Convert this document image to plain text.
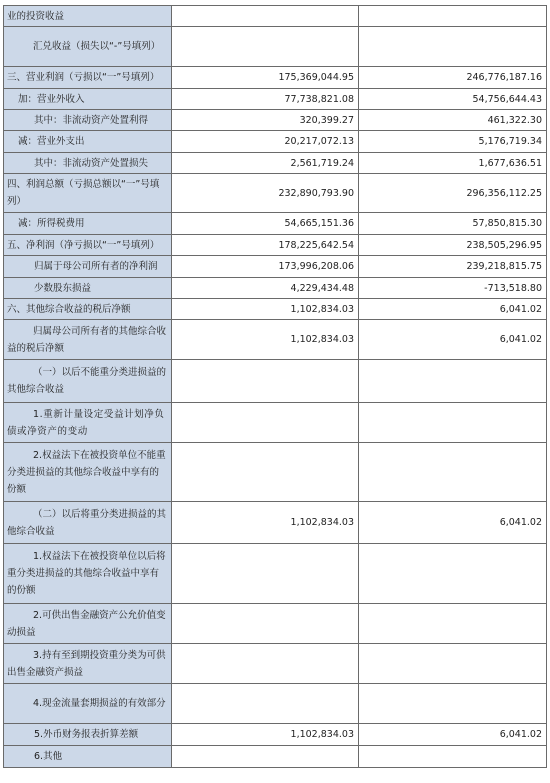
业的投资收益		
汇兑收益（损失以“-”号填列）		
三、营业利润（亏损以“一”号填列）	175,369,044.95	246,776,187.16
加：营业外收入	77,738,821.08	54,756,644.43
其中：非流动资产处置利得	320,399.27	461,322.30
减：营业外支出	20,217,072.13	5,176,719.34
其中：非流动资产处置损失	2,561,719.24	1,677,636.51
四、利润总额（亏损总额以“一”号填列）	232,890,793.90	296,356,112.25
减：所得税费用	54,665,151.36	57,850,815.30
五、净利润（净亏损以“一”号填列）	178,225,642.54	238,505,296.95
归属于母公司所有者的净利润	173,996,208.06	239,218,815.75
少数股东损益	4,229,434.48	-713,518.80
六、其他综合收益的税后净额	1,102,834.03	6,041.02
归属母公司所有者的其他综合收益的税后净额	1,102,834.03	6,041.02
（一）以后不能重分类进损益的其他综合收益		
1.重新计量设定受益计划净负债或净资产的变动		
2.权益法下在被投资单位不能重分类进损益的其他综合收益中享有的份额		
（二）以后将重分类进损益的其他综合收益	1,102,834.03	6,041.02
1.权益法下在被投资单位以后将重分类进损益的其他综合收益中享有的份额		
2.可供出售金融资产公允价值变动损益		
3.持有至到期投资重分类为可供出售金融资产损益		
4.现金流量套期损益的有效部分		
5.外币财务报表折算差额	1,102,834.03	6,041.02
6.其他		
